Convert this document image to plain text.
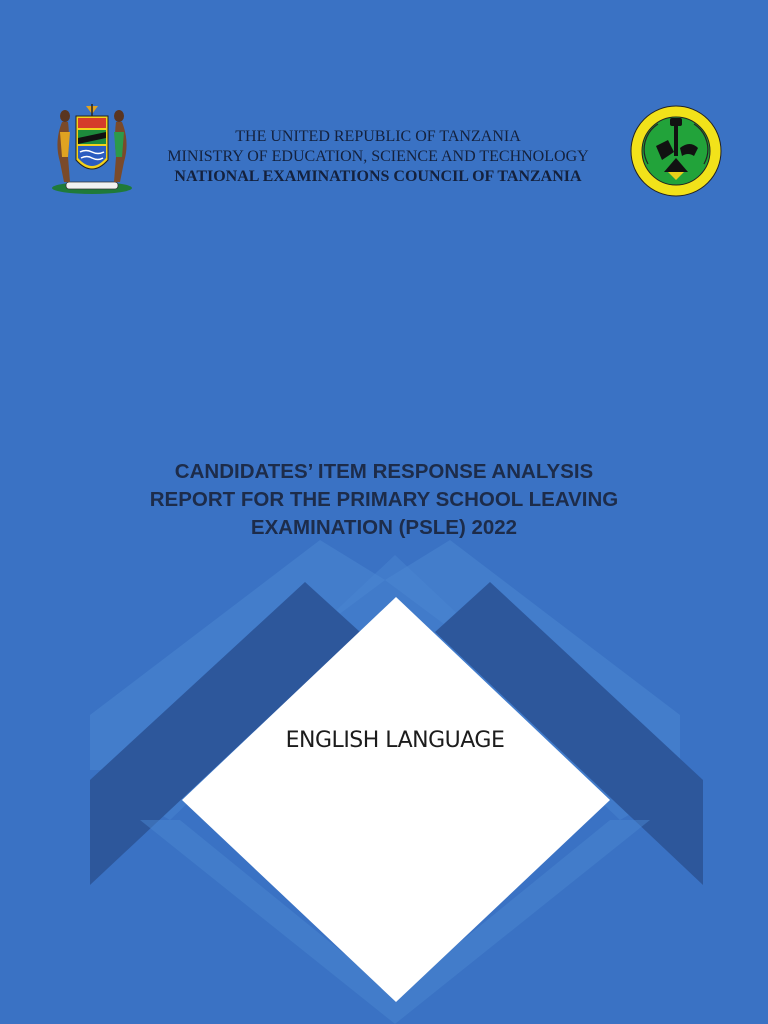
THE UNITED REPUBLIC OF TANZANIA
MINISTRY OF EDUCATION, SCIENCE AND TECHNOLOGY
NATIONAL EXAMINATIONS COUNCIL OF TANZANIA
CANDIDATES’ ITEM RESPONSE ANALYSIS
REPORT FOR THE PRIMARY SCHOOL LEAVING
EXAMINATION (PSLE) 2022
ENGLISH LANGUAGE
